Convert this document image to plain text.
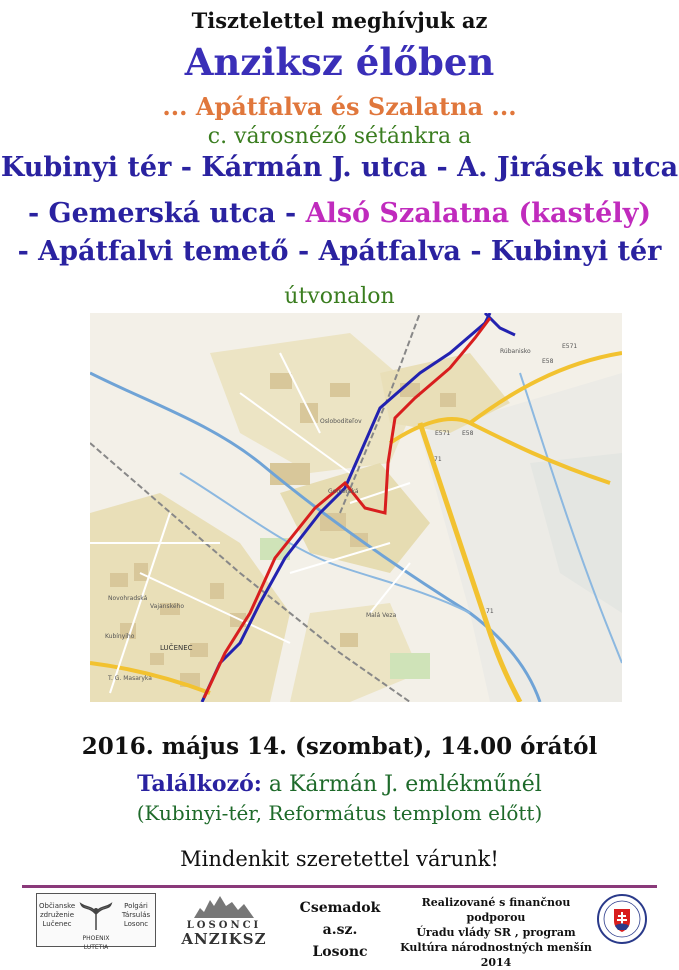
Tisztelettel meghívjuk az
Anziksz élőben
... Apátfalva és Szalatna ...
c. városnéző sétánkra a
Kubinyi tér - Kármán J. utca - A. Jirásek utca
- Gemerská utca - Alsó Szalatna (kastély)
- Apátfalvi temető - Apátfalva - Kubinyi tér
útvonalon
E571
E58
E571 E58
71
71
LUČENEC
Malá Veza
Osloboditeľov
T. G. Masaryka
Kubínyiho
Rúbanisko
Novohradská
Vajanského
Gemerská
2016. május 14. (szombat), 14.00 órától
Találkozó: a Kármán J. emlékműnél
(Kubinyi-tér, Református templom előtt)
Mindenkit szeretettel várunk!
Občianske združenie Lučenec
Polgári Társulás Losonc
PHOENIX LUTETIA
LOSONCI
ANZIKSZ
Csemadok a.sz.
Losonc
Realizované s finančnou podporou
Úradu vlády SR , program
Kultúra národnostných menšín 2014
